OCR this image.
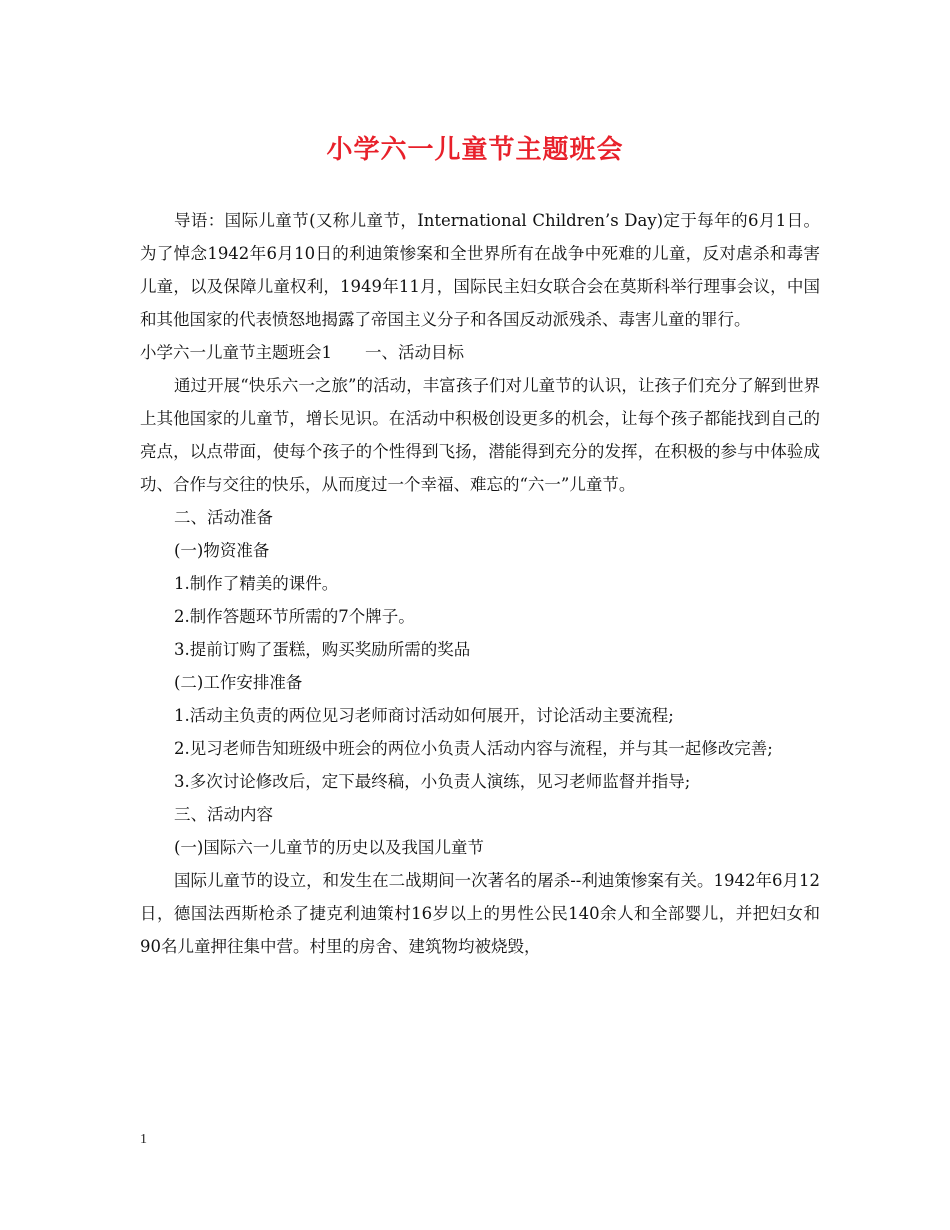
小学六一儿童节主题班会

导语：国际儿童节(又称儿童节，International Children’s Day)定于每年的6月1日。为了悼念1942年6月10日的利迪策惨案和全世界所有在战争中死难的儿童，反对虐杀和毒害儿童，以及保障儿童权利，1949年11月，国际民主妇女联合会在莫斯科举行理事会议，中国和其他国家的代表愤怒地揭露了帝国主义分子和各国反动派残杀、毒害儿童的罪行。

小学六一儿童节主题班会1　　一、活动目标

通过开展“快乐六一之旅”的活动，丰富孩子们对儿童节的认识，让孩子们充分了解到世界上其他国家的儿童节，增长见识。在活动中积极创设更多的机会，让每个孩子都能找到自己的亮点，以点带面，使每个孩子的个性得到飞扬，潜能得到充分的发挥，在积极的参与中体验成功、合作与交往的快乐，从而度过一个幸福、难忘的“六一”儿童节。

二、活动准备

(一)物资准备

1.制作了精美的课件。

2.制作答题环节所需的7个牌子。

3.提前订购了蛋糕，购买奖励所需的奖品

(二)工作安排准备

1.活动主负责的两位见习老师商讨活动如何展开，讨论活动主要流程;

2.见习老师告知班级中班会的两位小负责人活动内容与流程，并与其一起修改完善;

3.多次讨论修改后，定下最终稿，小负责人演练，见习老师监督并指导;

三、活动内容

(一)国际六一儿童节的历史以及我国儿童节

国际儿童节的设立，和发生在二战期间一次著名的屠杀--利迪策惨案有关。1942年6月12日，德国法西斯枪杀了捷克利迪策村16岁以上的男性公民140余人和全部婴儿，并把妇女和90名儿童押往集中营。村里的房舍、建筑物均被烧毁，

1
